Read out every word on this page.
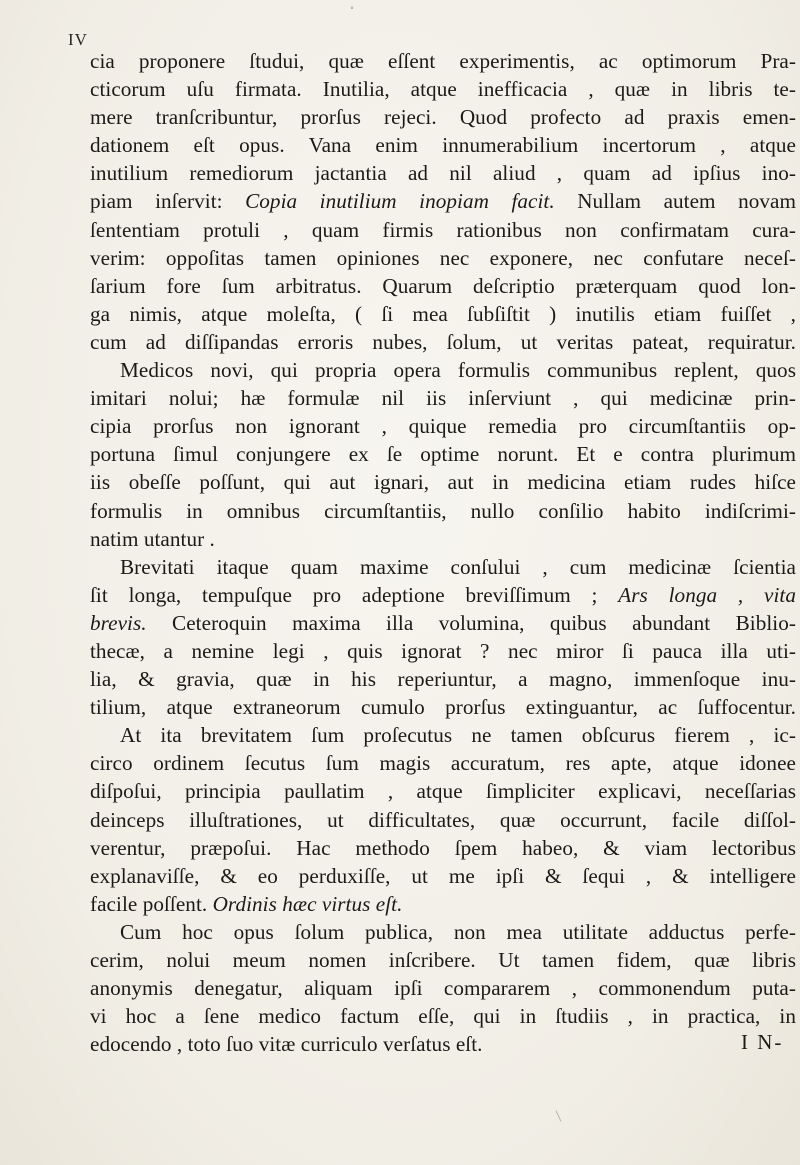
IV
˚
cia proponere ſtudui, quæ eſſent experimentis, ac optimorum Pra-
cticorum uſu firmata. Inutilia, atque inefficacia , quæ in libris te-
mere tranſcribuntur, prorſus rejeci. Quod profecto ad praxis emen-
dationem eſt opus. Vana enim innumerabilium incertorum , atque
inutilium remediorum jactantia ad nil aliud , quam ad ipſius ino-
piam inſervit: Copia inutilium inopiam facit. Nullam autem novam
ſententiam protuli , quam firmis rationibus non confirmatam cura-
verim: oppoſitas tamen opiniones nec exponere, nec confutare neceſ-
ſarium fore ſum arbitratus. Quarum deſcriptio præterquam quod lon-
ga nimis, atque moleſta, ( ſi mea ſubſiſtit ) inutilis etiam fuiſſet ,
cum ad diſſipandas erroris nubes, ſolum, ut veritas pateat, requiratur.
Medicos novi, qui propria opera formulis communibus replent, quos
imitari nolui; hæ formulæ nil iis inſerviunt , qui medicinæ prin-
cipia prorſus non ignorant , quique remedia pro circumſtantiis op-
portuna ſimul conjungere ex ſe optime norunt. Et e contra plurimum
iis obeſſe poſſunt, qui aut ignari, aut in medicina etiam rudes hiſce
formulis in omnibus circumſtantiis, nullo conſilio habito indiſcrimi-
natim utantur .
Brevitati itaque quam maxime conſului , cum medicinæ ſcientia
ſit longa, tempuſque pro adeptione breviſſimum ; Ars longa , vita
brevis. Ceteroquin maxima illa volumina, quibus abundant Biblio-
thecæ, a nemine legi , quis ignorat ? nec miror ſi pauca illa uti-
lia, & gravia, quæ in his reperiuntur, a magno, immenſoque inu-
tilium, atque extraneorum cumulo prorſus extinguantur, ac ſuffocentur.
At ita brevitatem ſum proſecutus ne tamen obſcurus fierem , ic-
circo ordinem ſecutus ſum magis accuratum, res apte, atque idonee
diſpoſui, principia paullatim , atque ſimpliciter explicavi, neceſſarias
deinceps illuſtrationes, ut difficultates, quæ occurrunt, facile diſſol-
verentur, præpoſui. Hac methodo ſpem habeo, & viam lectoribus
explanaviſſe, & eo perduxiſſe, ut me ipſi & ſequi , & intelligere
facile poſſent. Ordinis hæc virtus eſt.
Cum hoc opus ſolum publica, non mea utilitate adductus perfe-
cerim, nolui meum nomen inſcribere. Ut tamen fidem, quæ libris
anonymis denegatur, aliquam ipſi compararem , commonendum puta-
vi hoc a ſene medico factum eſſe, qui in ſtudiis , in practica, in
edocendo , toto ſuo vitæ curriculo verſatus eſt.	I N-
